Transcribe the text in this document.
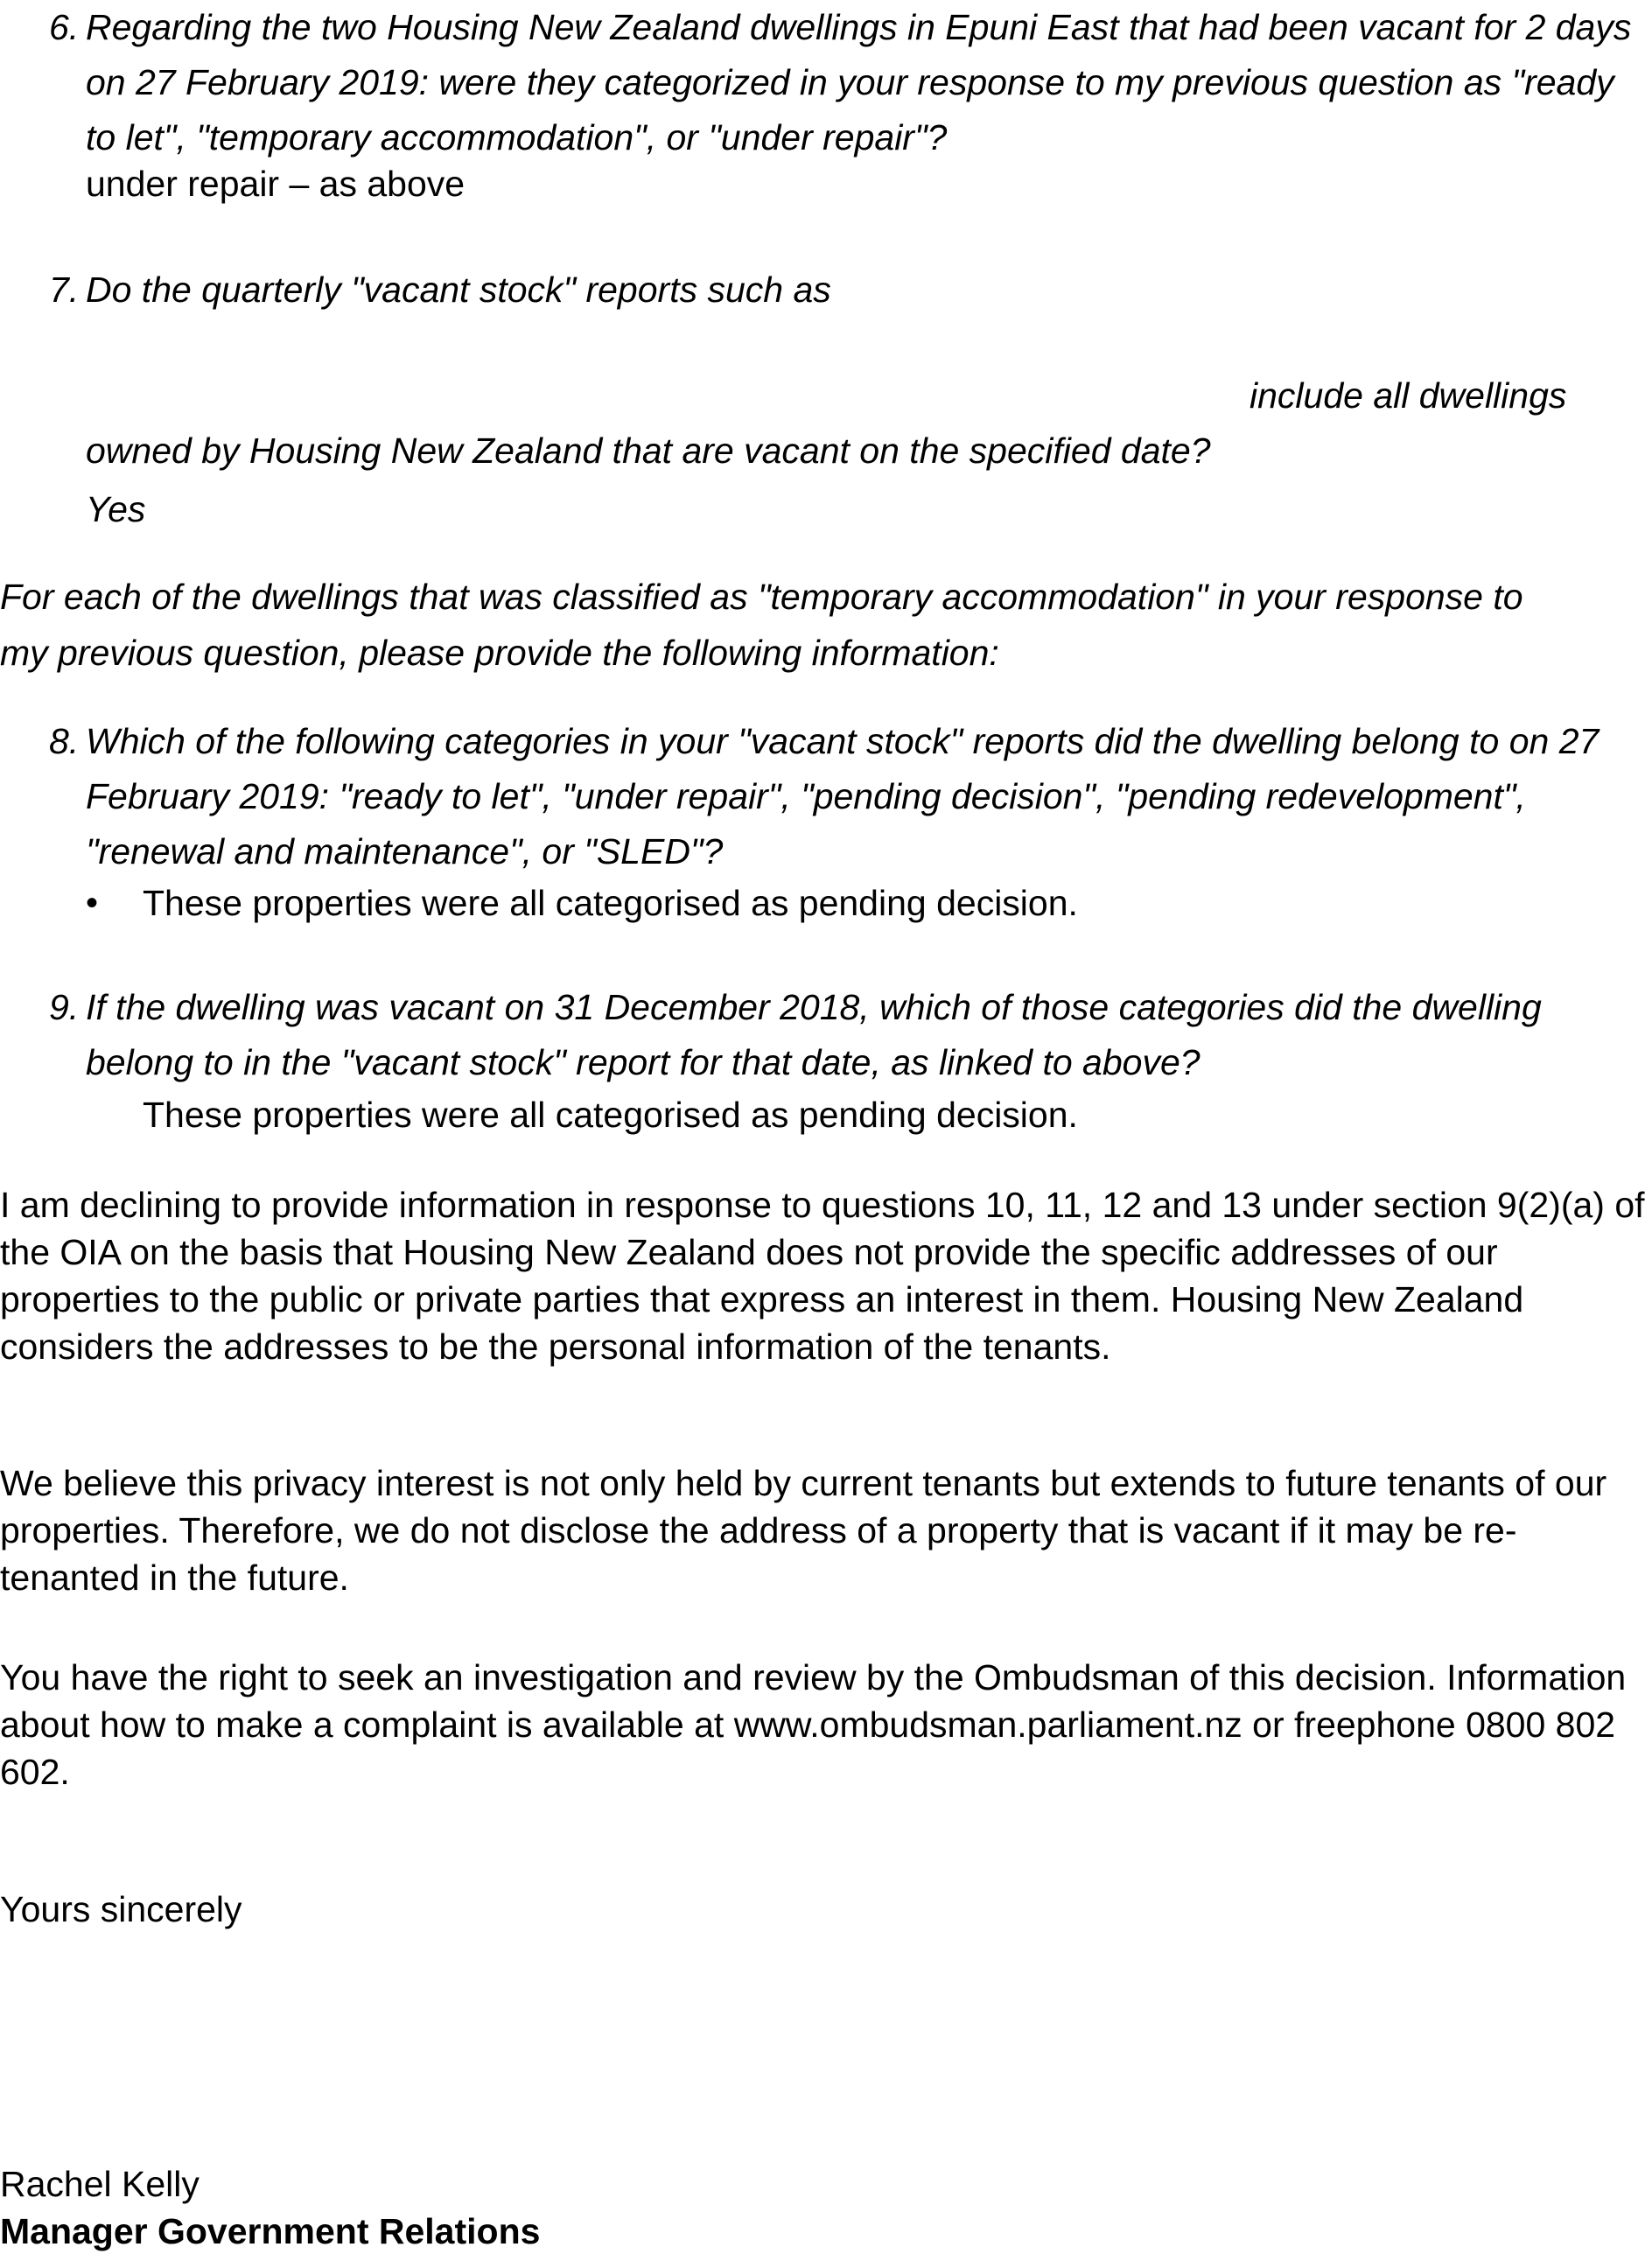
6. Regarding the two Housing New Zealand dwellings in Epuni East that had been vacant for 2 days on 27 February 2019: were they categorized in your response to my previous question as "ready to let", "temporary accommodation", or "under repair"?
under repair – as above
7. Do the quarterly "vacant stock" reports such as
include all dwellings
owned by Housing New Zealand that are vacant on the specified date?
Yes
For each of the dwellings that was classified as "temporary accommodation" in your response to my previous question, please provide the following information:
8. Which of the following categories in your "vacant stock" reports did the dwelling belong to on 27 February 2019: "ready to let", "under repair", "pending decision", "pending redevelopment", "renewal and maintenance", or "SLED"?
• These properties were all categorised as pending decision.
9. If the dwelling was vacant on 31 December 2018, which of those categories did the dwelling belong to in the "vacant stock" report for that date, as linked to above?
These properties were all categorised as pending decision.
I am declining to provide information in response to questions 10, 11, 12 and 13 under section 9(2)(a) of the OIA on the basis that Housing New Zealand does not provide the specific addresses of our properties to the public or private parties that express an interest in them. Housing New Zealand considers the addresses to be the personal information of the tenants.
We believe this privacy interest is not only held by current tenants but extends to future tenants of our properties. Therefore, we do not disclose the address of a property that is vacant if it may be re-tenanted in the future.
You have the right to seek an investigation and review by the Ombudsman of this decision. Information about how to make a complaint is available at www.ombudsman.parliament.nz or freephone 0800 802 602.
Yours sincerely
Rachel Kelly
Manager Government Relations
